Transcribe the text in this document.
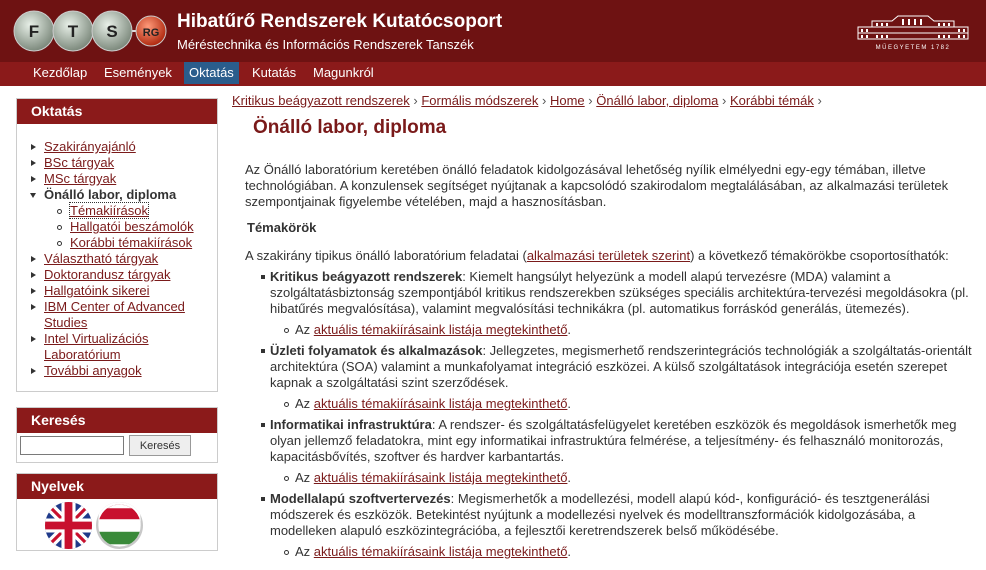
F T S RG
Hibatűrő Rendszerek Kutatócsoport
Méréstechnika és Információs Rendszerek Tanszék	MŰEGYETEM 1782
Kezdőlap	Események	Oktatás	Kutatás	Magunkról
Oktatás
Szakirányajánló
BSc tárgyak
MSc tárgyak
Önálló labor, diploma
Témakiírások
Hallgatói beszámolók
Korábbi témakiírások
Választható tárgyak
Doktorandusz tárgyak
Hallgatóink sikerei
IBM Center of Advanced Studies
Intel Virtualizációs Laboratórium
További anyagok
Keresés
Keresés
Nyelvek
Kritikus beágyazott rendszerek › Formális módszerek › Home › Önálló labor, diploma › Korábbi témák ›
Önálló labor, diploma
Az Önálló laboratórium keretében önálló feladatok kidolgozásával lehetőség nyílik elmélyedni egy-egy témában, illetve technológiában. A konzulensek segítséget nyújtanak a kapcsolódó szakirodalom megtalálásában, az alkalmazási területek szempontjainak figyelembe vételében, majd a hasznosításban.
Témakörök
A szakirány tipikus önálló laboratórium feladatai (alkalmazási területek szerint) a következő témakörökbe csoportosíthatók:
Kritikus beágyazott rendszerek: Kiemelt hangsúlyt helyezünk a modell alapú tervezésre (MDA) valamint a szolgáltatásbiztonság szempontjából kritikus rendszerekben szükséges speciális architektúra-tervezési megoldásokra (pl. hibatűrés megvalósítása), valamint megvalósítási technikákra (pl. automatikus forráskód generálás, ütemezés).
Az aktuális témakiírásaink listája megtekinthető.
Üzleti folyamatok és alkalmazások: Jellegzetes, megismerhető rendszerintegrációs technológiák a szolgáltatás-orientált architektúra (SOA) valamint a munkafolyamat integráció eszközei. A külső szolgáltatások integrációja esetén szerepet kapnak a szolgáltatási szint szerződések.
Az aktuális témakiírásaink listája megtekinthető.
Informatikai infrastruktúra: A rendszer- és szolgáltatásfelügyelet keretében eszközök és megoldások ismerhetők meg olyan jellemző feladatokra, mint egy informatikai infrastruktúra felmérése, a teljesítmény- és felhasználó monitorozás, kapacitásbővítés, szoftver és hardver karbantartás.
Az aktuális témakiírásaink listája megtekinthető.
Modellalapú szoftvertervezés: Megismerhetők a modellezési, modell alapú kód-, konfiguráció- és tesztgenerálási módszerek és eszközök. Betekintést nyújtunk a modellezési nyelvek és modelltranszformációk kidolgozásába, a modelleken alapuló eszközintegrációba, a fejlesztői keretrendszerek belső működésébe.
Az aktuális témakiírásaink listája megtekinthető.
